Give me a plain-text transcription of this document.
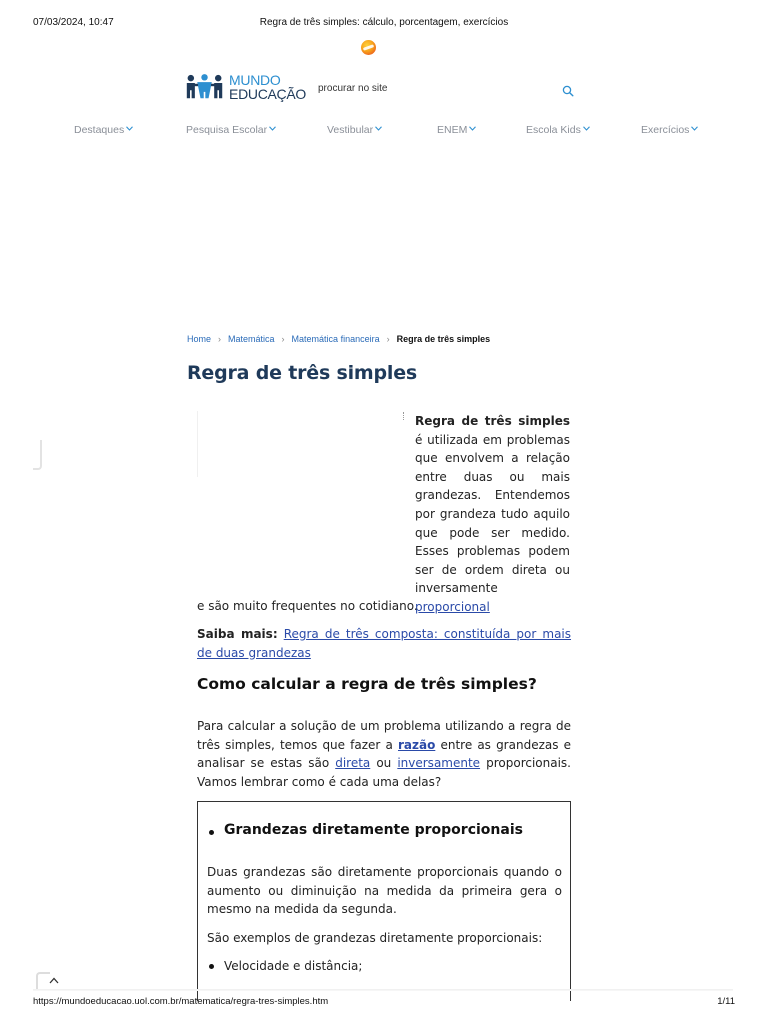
07/03/2024, 10:47	Regra de três simples: cálculo, porcentagem, exercícios
MUNDO
EDUCAÇÃO
procurar no site
Destaques	Pesquisa Escolar	Vestibular	ENEM	Escola Kids	Exercícios
Home › Matemática › Matemática financeira › Regra de três simples
Regra de três simples

Regra de três simples é utilizada em problemas que envolvem a relação entre duas ou mais grandezas. Entendemos por grandeza tudo aquilo que pode ser medido. Esses problemas podem ser de ordem direta ou inversamente proporcional

e são muito frequentes no cotidiano.

Saiba mais: Regra de três composta: constituída por mais de duas grandezas

Como calcular a regra de três simples?

Para calcular a solução de um problema utilizando a regra de três simples, temos que fazer a razão entre as grandezas e analisar se estas são direta ou inversamente proporcionais. Vamos lembrar como é cada uma delas?

Grandezas diretamente proporcionais

Duas grandezas são diretamente proporcionais quando o aumento ou diminuição na medida da primeira gera o mesmo na medida da segunda.

São exemplos de grandezas diretamente proporcionais:

Velocidade e distância;
https://mundoeducacao.uol.com.br/matematica/regra-tres-simples.htm	1/11
